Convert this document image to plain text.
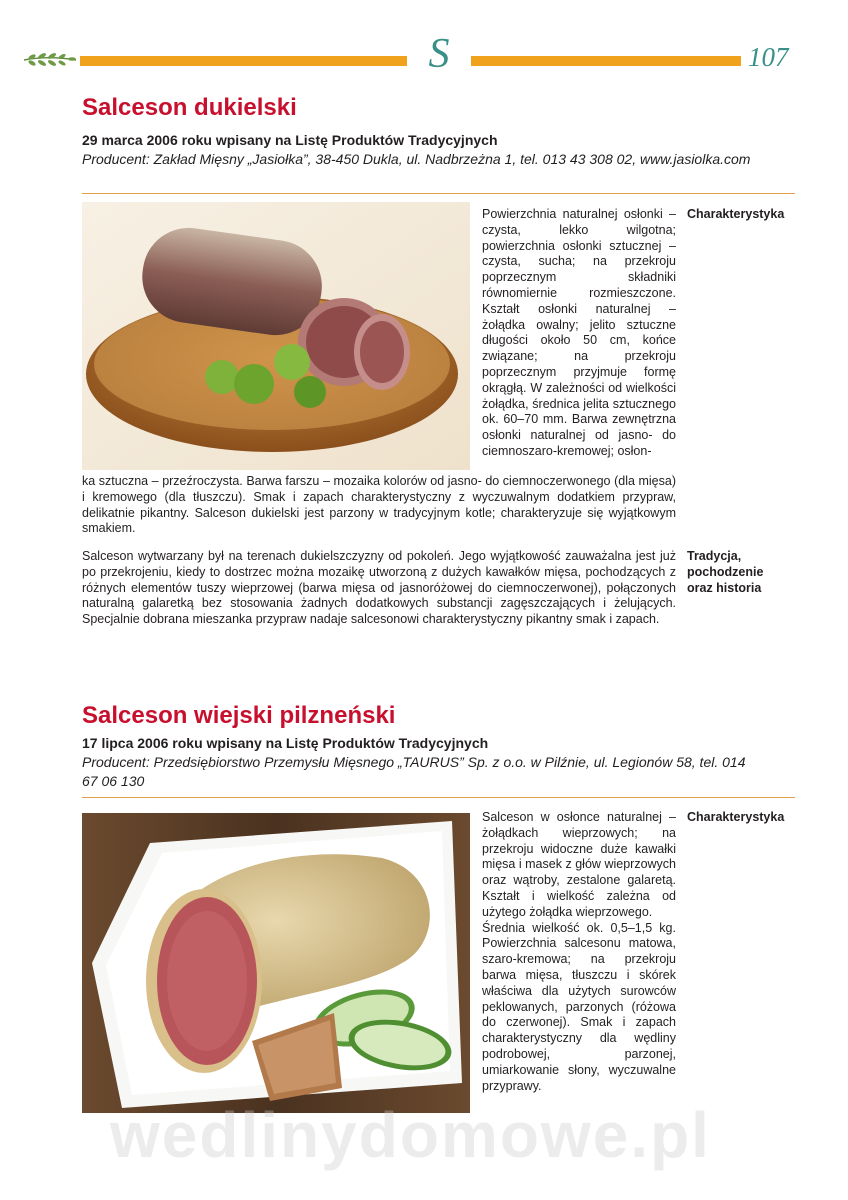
S	107
Salceson dukielski
29 marca 2006 roku wpisany na Listę Produktów Tradycyjnych
Producent: Zakład Mięsny „Jasiołka”, 38-450 Dukla, ul. Nadbrzeżna 1, tel. 013 43 308 02, www.jasiolka.com
Powierzchnia naturalnej osłonki – czysta, lekko wilgotna; powierzchnia osłonki sztucznej – czysta, sucha; na przekroju poprzecznym składniki równomiernie rozmieszczone. Kształt osłonki naturalnej – żołądka owalny; jelito sztuczne długości około 50 cm, końce związane; na przekroju poprzecznym przyjmuje formę okrągłą. W zależności od wielkości żołądka, średnica jelita sztucznego ok. 60–70 mm. Barwa zewnętrzna osłonki naturalnej od jasno- do ciemnoszaro-kremowej; osłon-
Charakterystyka
ka sztuczna – przeźroczysta. Barwa farszu – mozaika kolorów od jasno- do ciemnoczerwonego (dla mięsa) i kremowego (dla tłuszczu). Smak i zapach charakterystyczny z wyczuwalnym dodatkiem przypraw, delikatnie pikantny. Salceson dukielski jest parzony w tradycyjnym kotle; charakteryzuje się wyjątkowym smakiem.
Tradycja, pochodzenie oraz historia
Salceson wytwarzany był na terenach dukielszczyzny od pokoleń. Jego wyjątkowość zauważalna jest już po przekrojeniu, kiedy to dostrzec można mozaikę utworzoną z dużych kawałków mięsa, pochodzących z różnych elementów tuszy wieprzowej (barwa mięsa od jasnoróżowej do ciemnoczerwonej), połączonych naturalną galaretką bez stosowania żadnych dodatkowych substancji zagęszczających i żelujących. Specjalnie dobrana mieszanka przypraw nadaje salcesonowi charakterystyczny pikantny smak i zapach.
Salceson wiejski pilzneński
17 lipca 2006 roku wpisany na Listę Produktów Tradycyjnych
Producent: Przedsiębiorstwo Przemysłu Mięsnego „TAURUS” Sp. z o.o. w Pilźnie, ul. Legionów 58, tel. 014 67 06 130

Salceson w osłonce naturalnej – żołądkach wieprzowych; na przekroju widoczne duże kawałki mięsa i masek z głów wieprzowych oraz wątroby, zestalone galaretą. Kształt i wielkość zależna od użytego żołądka wieprzowego.

Średnia wielkość ok. 0,5–1,5 kg. Powierzchnia salcesonu matowa, szaro-kremowa; na przekroju barwa mięsa, tłuszczu i skórek właściwa dla użytych surowców peklowanych, parzonych (różowa do czerwonej). Smak i zapach charakterystyczny dla wędliny podrobowej, parzonej, umiarkowanie słony, wyczuwalne przyprawy.

Charakterystyka
wedlinydomowe.pl
